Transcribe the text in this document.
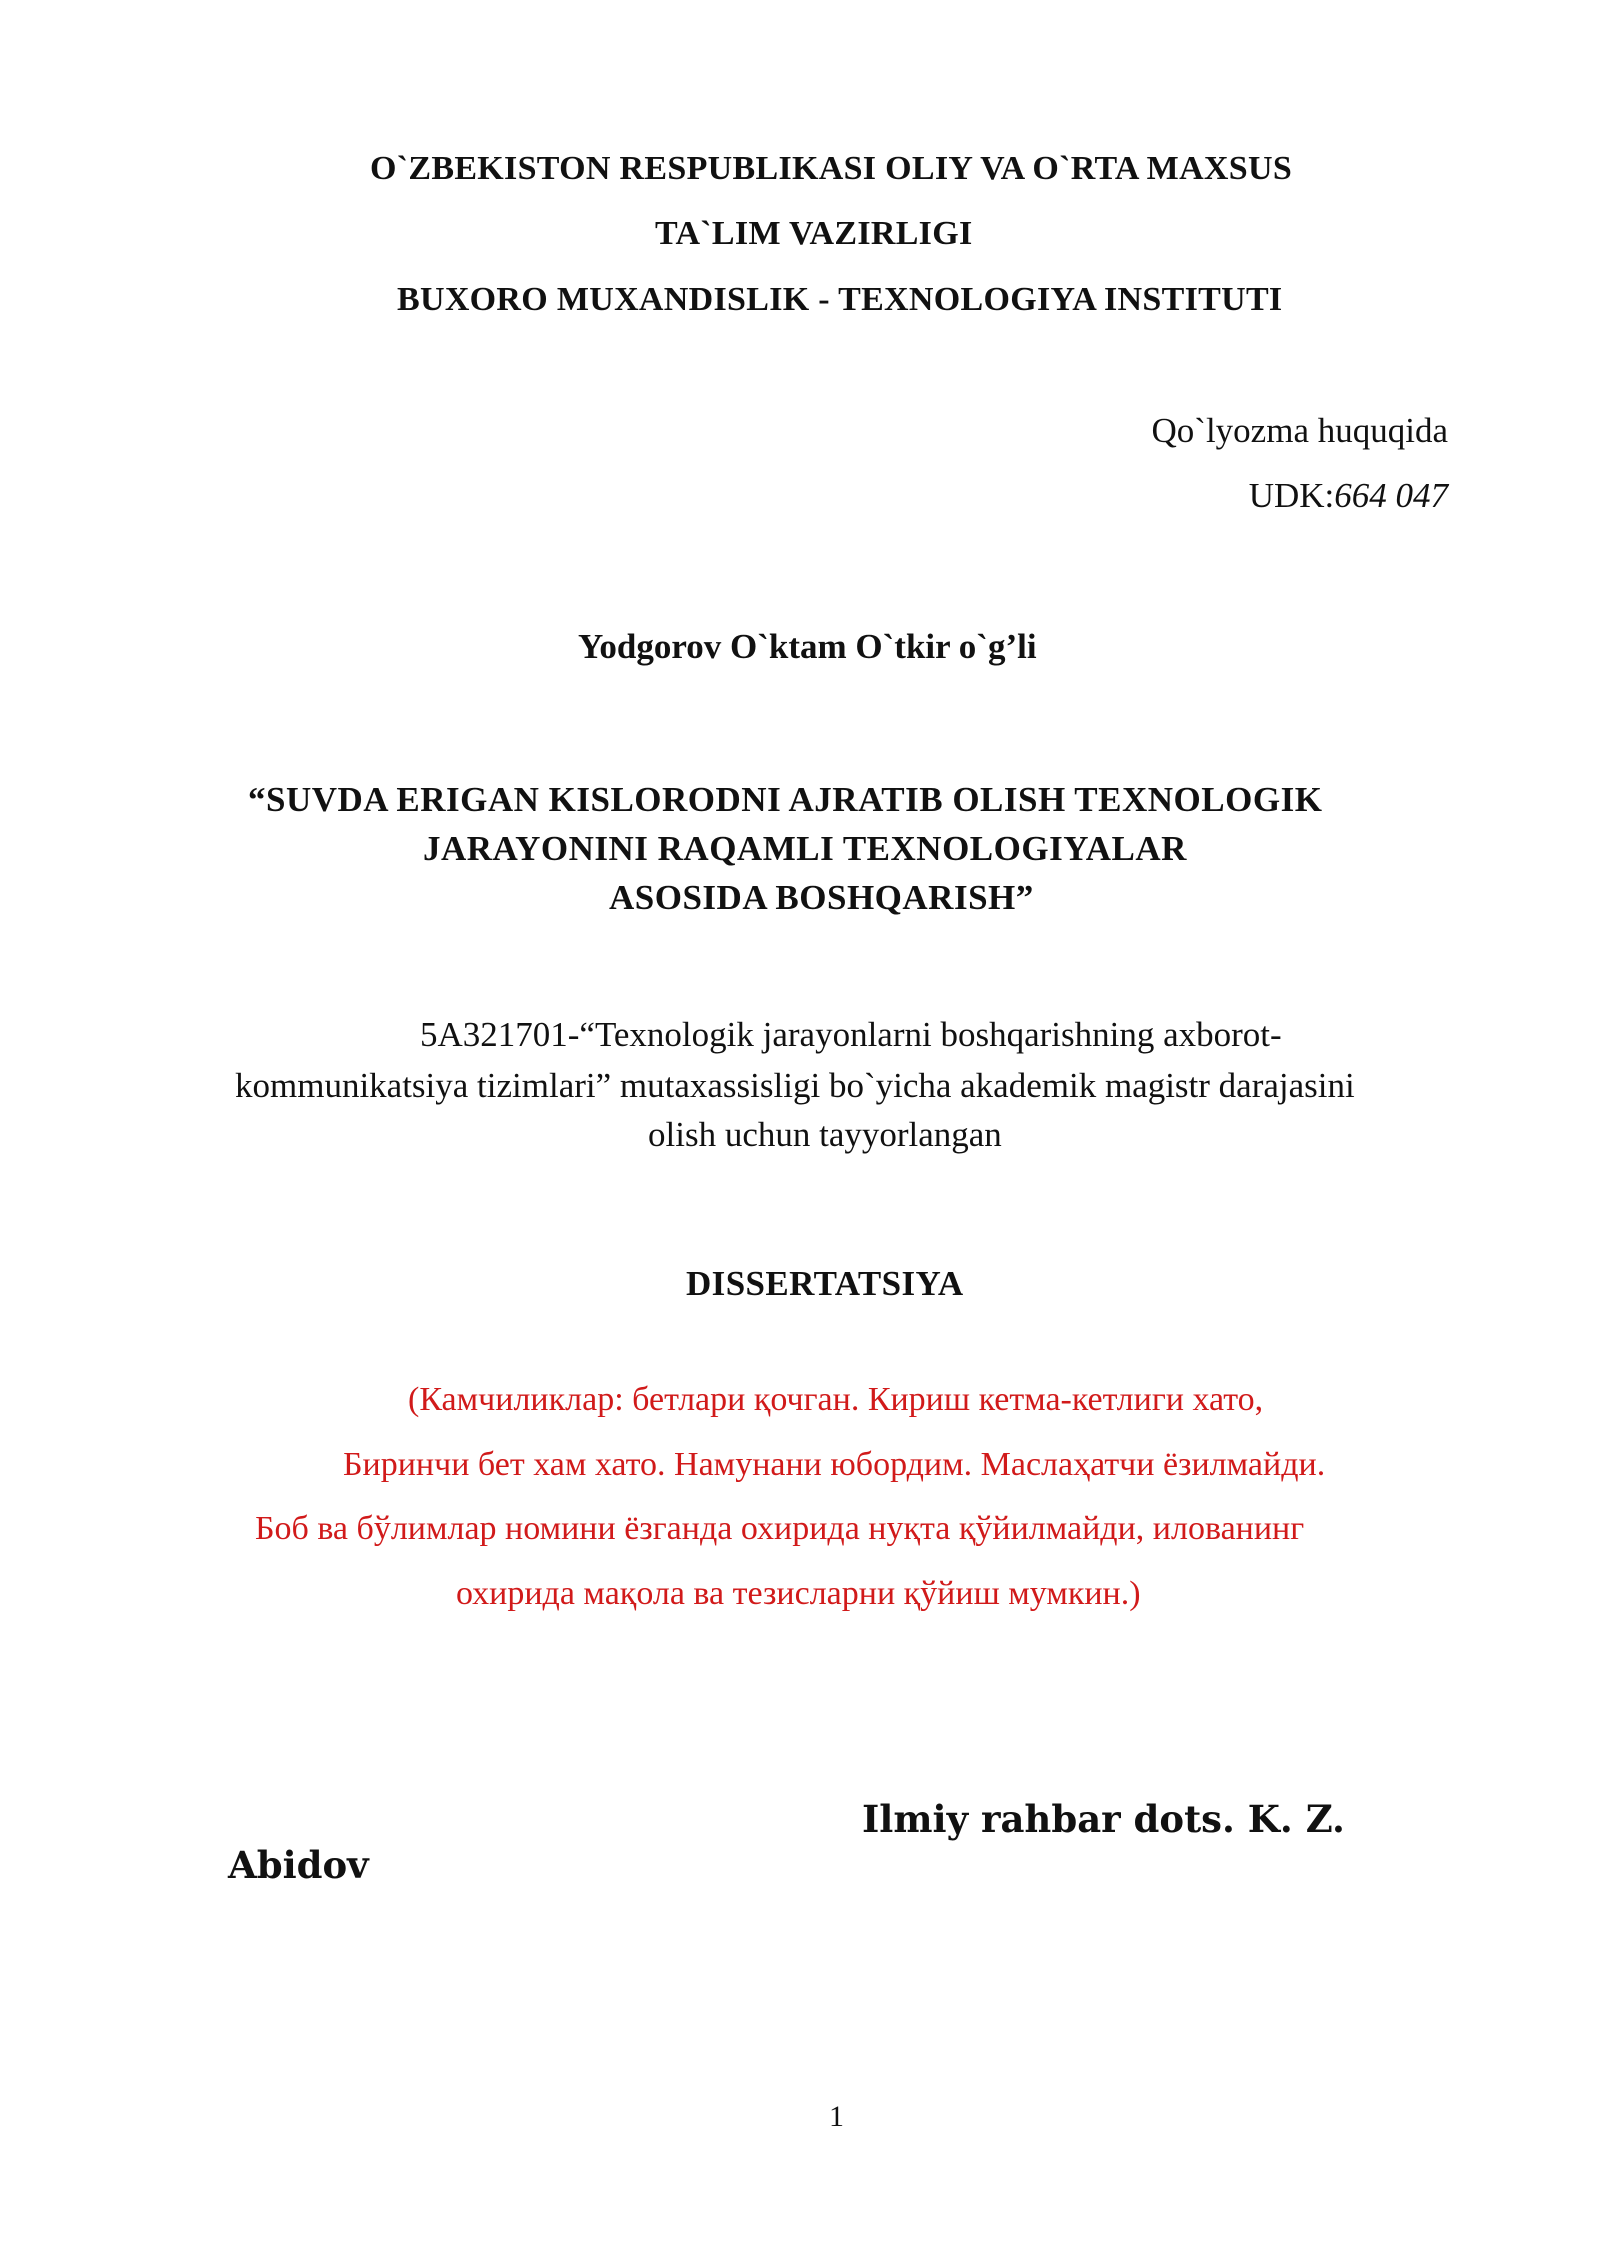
O`ZBEKISTON RESPUBLIKASI OLIY VA O`RTA MAXSUS
TA`LIM VAZIRLIGI
BUXORO MUXANDISLIK - TEXNOLOGIYA INSTITUTI
Qo`lyozma huquqida
UDK:664 047
Yodgorov O`ktam O`tkir o`g’li
“SUVDA ERIGAN KISLORODNI AJRATIB OLISH TEXNOLOGIK
JARAYONINI RAQAMLI TEXNOLOGIYALAR
ASOSIDA BOSHQARISH”
5A321701-“Texnologik jarayonlarni boshqarishning axborot-
kommunikatsiya tizimlari” mutaxassisligi bo`yicha akademik magistr darajasini
olish uchun tayyorlangan
DISSERTATSIYA
(Камчиликлар: бетлари қочган. Кириш кетма-кетлиги хато,
Биринчи бет хам хато. Намунани юбордим. Маслаҳатчи ёзилмайди.
Боб ва бўлимлар номини ёзганда охирида нуқта қўйилмайди, илованинг
охирида мақола ва тезисларни қўйиш мумкин.)
Ilmiy rahbar dots. K. Z.
Abidov
1
